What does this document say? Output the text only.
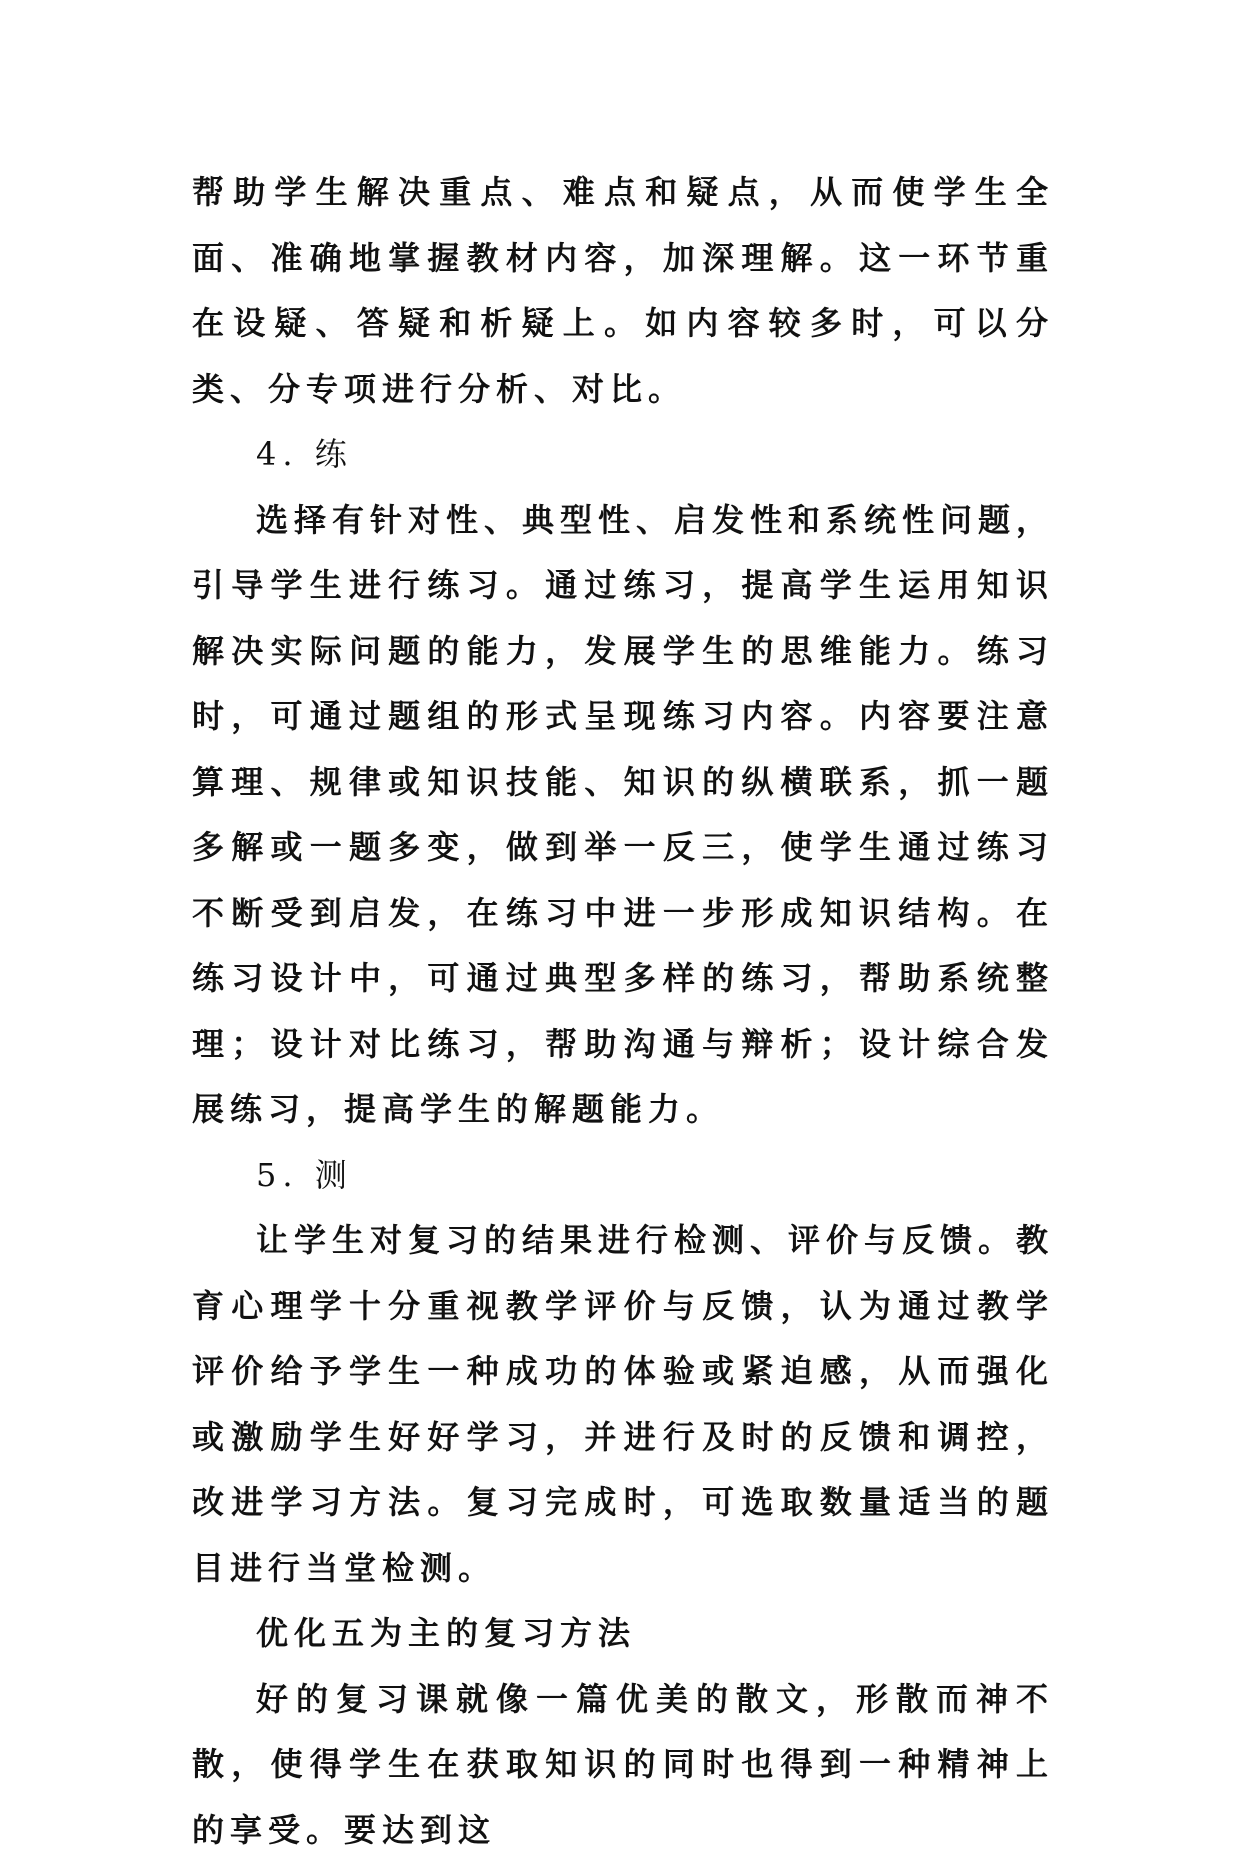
帮助学生解决重点、难点和疑点，从而使学生全面、准确地掌握教材内容，加深理解。这一环节重在设疑、答疑和析疑上。如内容较多时，可以分类、分专项进行分析、对比。

4. 练

选择有针对性、典型性、启发性和系统性问题，引导学生进行练习。通过练习，提高学生运用知识解决实际问题的能力，发展学生的思维能力。练习时，可通过题组的形式呈现练习内容。内容要注意算理、规律或知识技能、知识的纵横联系，抓一题多解或一题多变，做到举一反三，使学生通过练习不断受到启发，在练习中进一步形成知识结构。在练习设计中，可通过典型多样的练习，帮助系统整理；设计对比练习，帮助沟通与辩析；设计综合发展练习，提高学生的解题能力。

5. 测

让学生对复习的结果进行检测、评价与反馈。教育心理学十分重视教学评价与反馈，认为通过教学评价给予学生一种成功的体验或紧迫感，从而强化或激励学生好好学习，并进行及时的反馈和调控，改进学习方法。复习完成时，可选取数量适当的题目进行当堂检测。

优化五为主的复习方法

好的复习课就像一篇优美的散文，形散而神不散，使得学生在获取知识的同时也得到一种精神上的享受。要达到这
